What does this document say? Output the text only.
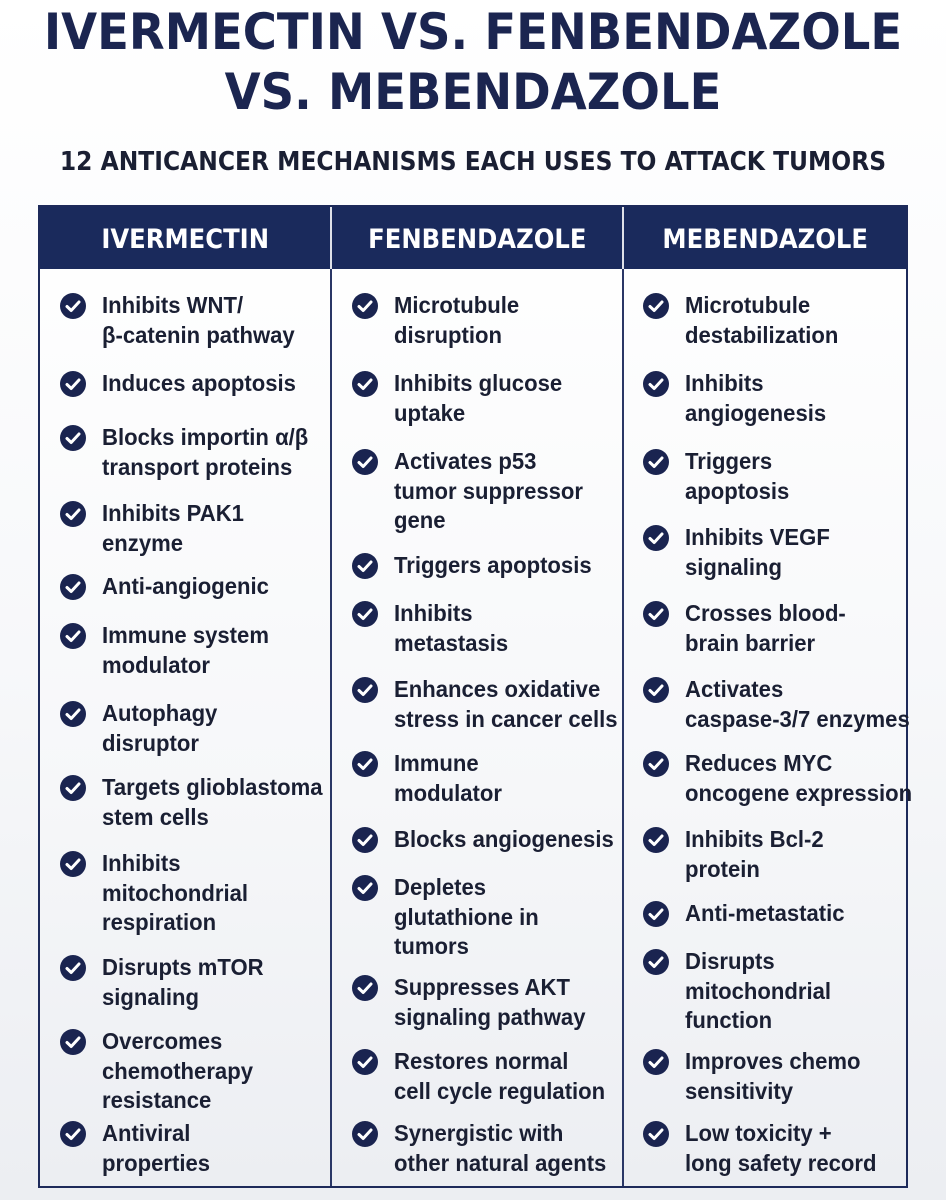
IVERMECTIN VS. FENBENDAZOLE
VS. MEBENDAZOLE
12 ANTICANCER MECHANISMS EACH USES TO ATTACK TUMORS
IVERMECTIN	FENBENDAZOLE	MEBENDAZOLE
Inhibits WNT/
β-catenin pathway
Induces apoptosis
Blocks importin α/β
transport proteins
Inhibits PAK1
enzyme
Anti-angiogenic
Immune system
modulator
Autophagy
disruptor
Targets glioblastoma
stem cells
Inhibits
mitochondrial
respiration
Disrupts mTOR
signaling
Overcomes
chemotherapy
resistance
Antiviral
properties
Microtubule
disruption
Inhibits glucose
uptake
Activates p53
tumor suppressor
gene
Triggers apoptosis
Inhibits
metastasis
Enhances oxidative
stress in cancer cells
Immune
modulator
Blocks angiogenesis
Depletes
glutathione in
tumors
Suppresses AKT
signaling pathway
Restores normal
cell cycle regulation
Synergistic with
other natural agents
Microtubule
destabilization
Inhibits
angiogenesis
Triggers
apoptosis
Inhibits VEGF
signaling
Crosses blood-
brain barrier
Activates
caspase-3/7 enzymes
Reduces MYC
oncogene expression
Inhibits Bcl-2
protein
Anti-metastatic
Disrupts
mitochondrial
function
Improves chemo
sensitivity
Low toxicity +
long safety record
